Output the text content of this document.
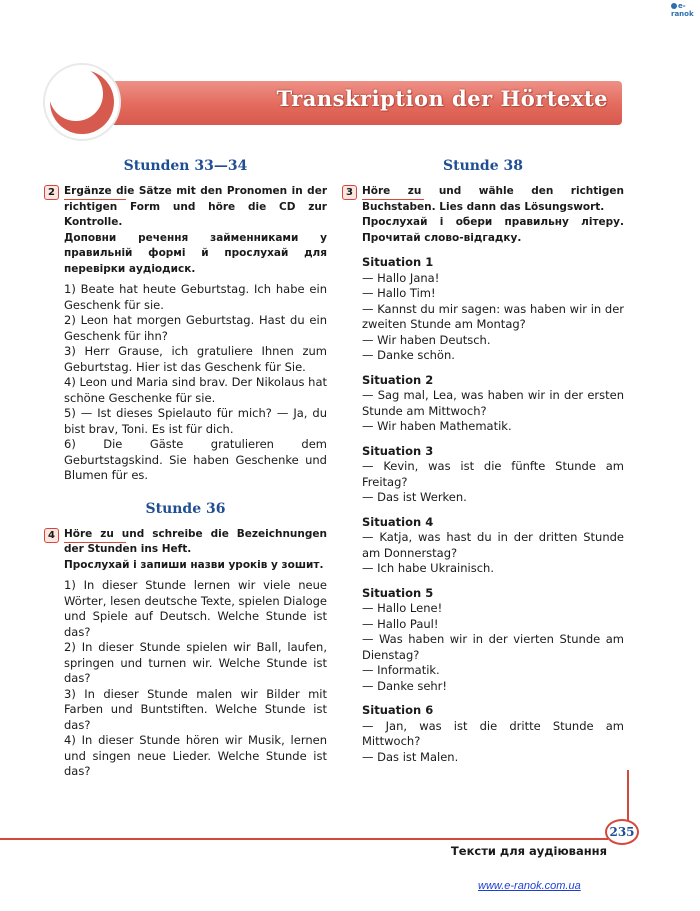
e-ranok
Transkription der Hörtexte
Stunden 33—34
2 Ergänze die Sätze mit den Pronomen in der richtigen Form und höre die CD zur Kontrolle.
Доповни речення займенниками у правильній формі й прослухай для перевірки аудіодиск.

1) Beate hat heute Geburtstag. Ich habe ein Geschenk für sie.

2) Leon hat morgen Geburtstag. Hast du ein Geschenk für ihn?

3) Herr Grause, ich gratuliere Ihnen zum Geburtstag. Hier ist das Geschenk für Sie.

4) Leon und Maria sind brav. Der Nikolaus hat schöne Geschenke für sie.

5) — Ist dieses Spielauto für mich? — Ja, du bist brav, Toni. Es ist für dich.

6) Die Gäste gratulieren dem Geburtstagskind. Sie haben Geschenke und Blumen für es.

Stunde 36
4 Höre zu und schreibe die Bezeichnungen der Stunden ins Heft.
Прослухай і запиши назви уроків у зошит.

1) In dieser Stunde lernen wir viele neue Wörter, lesen deutsche Texte, spielen Dialoge und Spiele auf Deutsch. Welche Stunde ist das?

2) In dieser Stunde spielen wir Ball, laufen, springen und turnen wir. Welche Stunde ist das?

3) In dieser Stunde malen wir Bilder mit Farben und Buntstiften. Welche Stunde ist das?

4) In dieser Stunde hören wir Musik, lernen und singen neue Lieder. Welche Stunde ist das?

Stunde 38
3 Höre zu und wähle den richtigen Buchstaben. Lies dann das Lösungswort.
Прослухай і обери правильну літеру. Прочитай слово-відгадку.

Situation 1

— Hallo Jana!

— Hallo Tim!

— Kannst du mir sagen: was haben wir in der zweiten Stunde am Montag?

— Wir haben Deutsch.

— Danke schön.

Situation 2

— Sag mal, Lea, was haben wir in der ersten Stunde am Mittwoch?

— Wir haben Mathematik.

Situation 3

— Kevin, was ist die fünfte Stunde am Freitag?

— Das ist Werken.

Situation 4

— Katja, was hast du in der dritten Stunde am Donnerstag?

— Ich habe Ukrainisch.

Situation 5

— Hallo Lene!

— Hallo Paul!

— Was haben wir in der vierten Stunde am Dienstag?

— Informatik.

— Danke sehr!

Situation 6

— Jan, was ist die dritte Stunde am Mittwoch?

— Das ist Malen.

235
Тексти для аудіювання
www.e-ranok.com.ua
